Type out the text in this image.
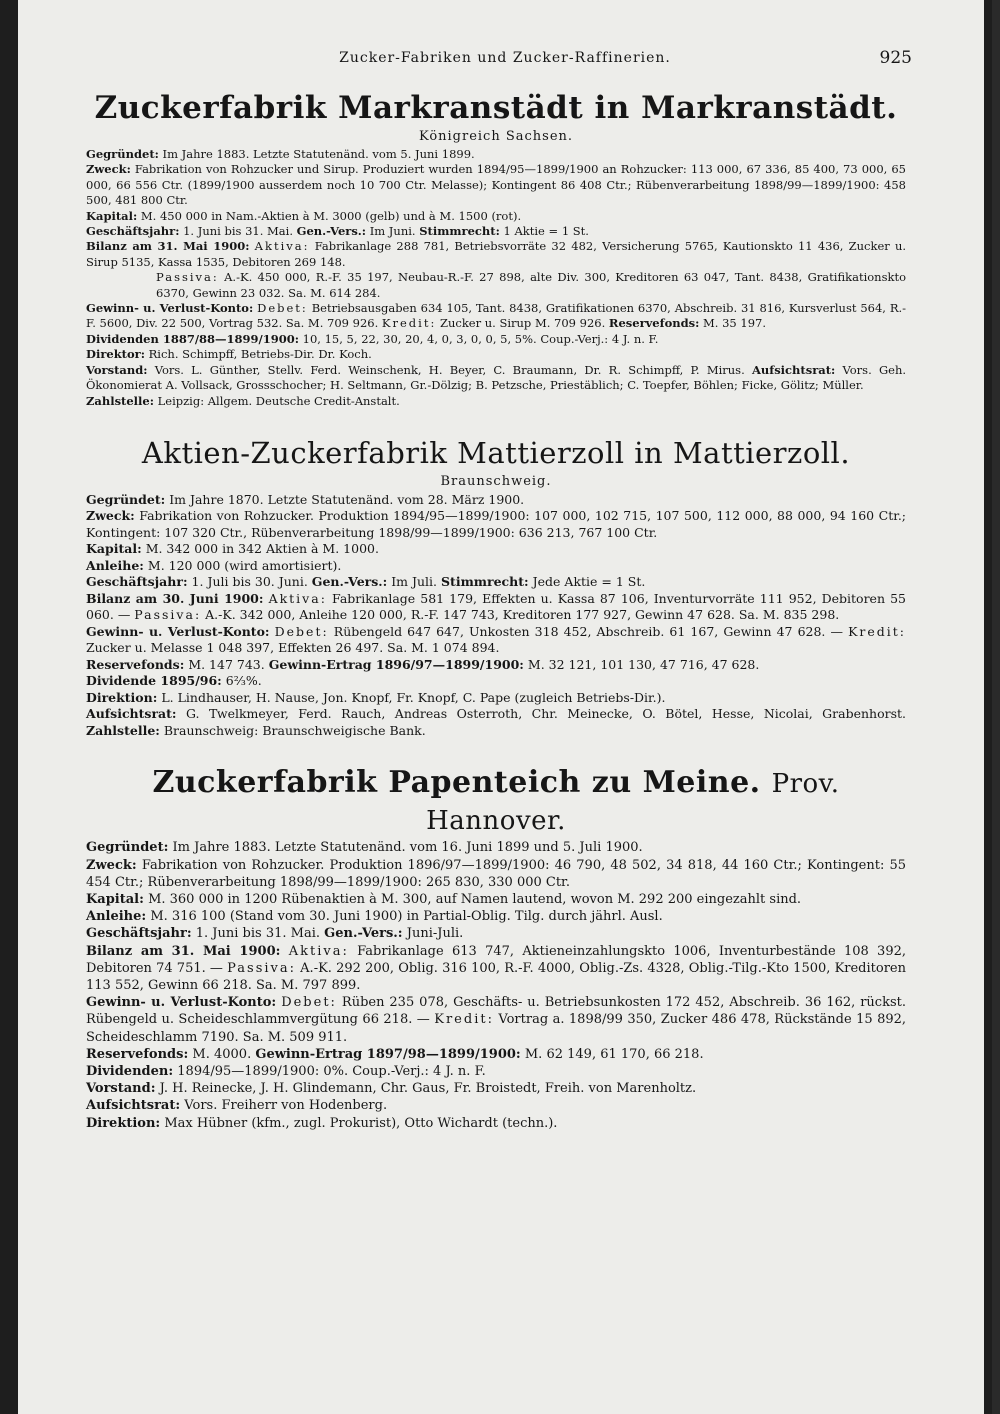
Zucker-Fabriken und Zucker-Raffinerien.	925
Zuckerfabrik Markranstädt in Markranstädt.
Königreich Sachsen.

Gegründet: Im Jahre 1883. Letzte Statutenänd. vom 5. Juni 1899.

Zweck: Fabrikation von Rohzucker und Sirup. Produziert wurden 1894/95—1899/1900 an Rohzucker: 113 000, 67 336, 85 400, 73 000, 65 000, 66 556 Ctr. (1899/1900 ausserdem noch 10 700 Ctr. Melasse); Kontingent 86 408 Ctr.; Rübenverarbeitung 1898/99—1899/1900: 458 500, 481 800 Ctr.

Kapital: M. 450 000 in Nam.-Aktien à M. 3000 (gelb) und à M. 1500 (rot).

Geschäftsjahr: 1. Juni bis 31. Mai. Gen.-Vers.: Im Juni. Stimmrecht: 1 Aktie = 1 St.

Bilanz am 31. Mai 1900: Aktiva: Fabrikanlage 288 781, Betriebsvorräte 32 482, Versicherung 5765, Kautionskto 11 436, Zucker u. Sirup 5135, Kassa 1535, Debitoren 269 148.

Passiva: A.-K. 450 000, R.-F. 35 197, Neubau-R.-F. 27 898, alte Div. 300, Kreditoren 63 047, Tant. 8438, Gratifikationskto 6370, Gewinn 23 032. Sa. M. 614 284.

Gewinn- u. Verlust-Konto: Debet: Betriebsausgaben 634 105, Tant. 8438, Gratifikationen 6370, Abschreib. 31 816, Kursverlust 564, R.-F. 5600, Div. 22 500, Vortrag 532. Sa. M. 709 926. Kredit: Zucker u. Sirup M. 709 926. Reservefonds: M. 35 197.

Dividenden 1887/88—1899/1900: 10, 15, 5, 22, 30, 20, 4, 0, 3, 0, 0, 5, 5%. Coup.-Verj.: 4 J. n. F.

Direktor: Rich. Schimpff, Betriebs-Dir. Dr. Koch.

Vorstand: Vors. L. Günther, Stellv. Ferd. Weinschenk, H. Beyer, C. Braumann, Dr. R. Schimpff, P. Mirus. Aufsichtsrat: Vors. Geh. Ökonomierat A. Vollsack, Grossschocher; H. Seltmann, Gr.-Dölzig; B. Petzsche, Priestäblich; C. Toepfer, Böhlen; Ficke, Gölitz; Müller.

Zahlstelle: Leipzig: Allgem. Deutsche Credit-Anstalt.

Aktien-Zuckerfabrik Mattierzoll in Mattierzoll.
Braunschweig.

Gegründet: Im Jahre 1870. Letzte Statutenänd. vom 28. März 1900.

Zweck: Fabrikation von Rohzucker. Produktion 1894/95—1899/1900: 107 000, 102 715, 107 500, 112 000, 88 000, 94 160 Ctr.; Kontingent: 107 320 Ctr., Rübenverarbeitung 1898/99—1899/1900: 636 213, 767 100 Ctr.

Kapital: M. 342 000 in 342 Aktien à M. 1000.

Anleihe: M. 120 000 (wird amortisiert).

Geschäftsjahr: 1. Juli bis 30. Juni. Gen.-Vers.: Im Juli. Stimmrecht: Jede Aktie = 1 St.

Bilanz am 30. Juni 1900: Aktiva: Fabrikanlage 581 179, Effekten u. Kassa 87 106, Inventurvorräte 111 952, Debitoren 55 060. — Passiva: A.-K. 342 000, Anleihe 120 000, R.-F. 147 743, Kreditoren 177 927, Gewinn 47 628. Sa. M. 835 298.

Gewinn- u. Verlust-Konto: Debet: Rübengeld 647 647, Unkosten 318 452, Abschreib. 61 167, Gewinn 47 628. — Kredit: Zucker u. Melasse 1 048 397, Effekten 26 497. Sa. M. 1 074 894.

Reservefonds: M. 147 743. Gewinn-Ertrag 1896/97—1899/1900: M. 32 121, 101 130, 47 716, 47 628.

Dividende 1895/96: 6⅔%.

Direktion: L. Lindhauser, H. Nause, Jon. Knopf, Fr. Knopf, C. Pape (zugleich Betriebs-Dir.).

Aufsichtsrat: G. Twelkmeyer, Ferd. Rauch, Andreas Osterroth, Chr. Meinecke, O. Bötel, Hesse, Nicolai, Grabenhorst. Zahlstelle: Braunschweig: Braunschweigische Bank.

Zuckerfabrik Papenteich zu Meine. Prov. Hannover.

Gegründet: Im Jahre 1883. Letzte Statutenänd. vom 16. Juni 1899 und 5. Juli 1900.

Zweck: Fabrikation von Rohzucker. Produktion 1896/97—1899/1900: 46 790, 48 502, 34 818, 44 160 Ctr.; Kontingent: 55 454 Ctr.; Rübenverarbeitung 1898/99—1899/1900: 265 830, 330 000 Ctr.

Kapital: M. 360 000 in 1200 Rübenaktien à M. 300, auf Namen lautend, wovon M. 292 200 eingezahlt sind.

Anleihe: M. 316 100 (Stand vom 30. Juni 1900) in Partial-Oblig. Tilg. durch jährl. Ausl.

Geschäftsjahr: 1. Juni bis 31. Mai. Gen.-Vers.: Juni-Juli.

Bilanz am 31. Mai 1900: Aktiva: Fabrikanlage 613 747, Aktieneinzahlungskto 1006, Inventurbestände 108 392, Debitoren 74 751. — Passiva: A.-K. 292 200, Oblig. 316 100, R.-F. 4000, Oblig.-Zs. 4328, Oblig.-Tilg.-Kto 1500, Kreditoren 113 552, Gewinn 66 218. Sa. M. 797 899.

Gewinn- u. Verlust-Konto: Debet: Rüben 235 078, Geschäfts- u. Betriebsunkosten 172 452, Abschreib. 36 162, rückst. Rübengeld u. Scheideschlammvergütung 66 218. — Kredit: Vortrag a. 1898/99 350, Zucker 486 478, Rückstände 15 892, Scheideschlamm 7190. Sa. M. 509 911.

Reservefonds: M. 4000. Gewinn-Ertrag 1897/98—1899/1900: M. 62 149, 61 170, 66 218.

Dividenden: 1894/95—1899/1900: 0%. Coup.-Verj.: 4 J. n. F.

Vorstand: J. H. Reinecke, J. H. Glindemann, Chr. Gaus, Fr. Broistedt, Freih. von Marenholtz.

Aufsichtsrat: Vors. Freiherr von Hodenberg.

Direktion: Max Hübner (kfm., zugl. Prokurist), Otto Wichardt (techn.).
